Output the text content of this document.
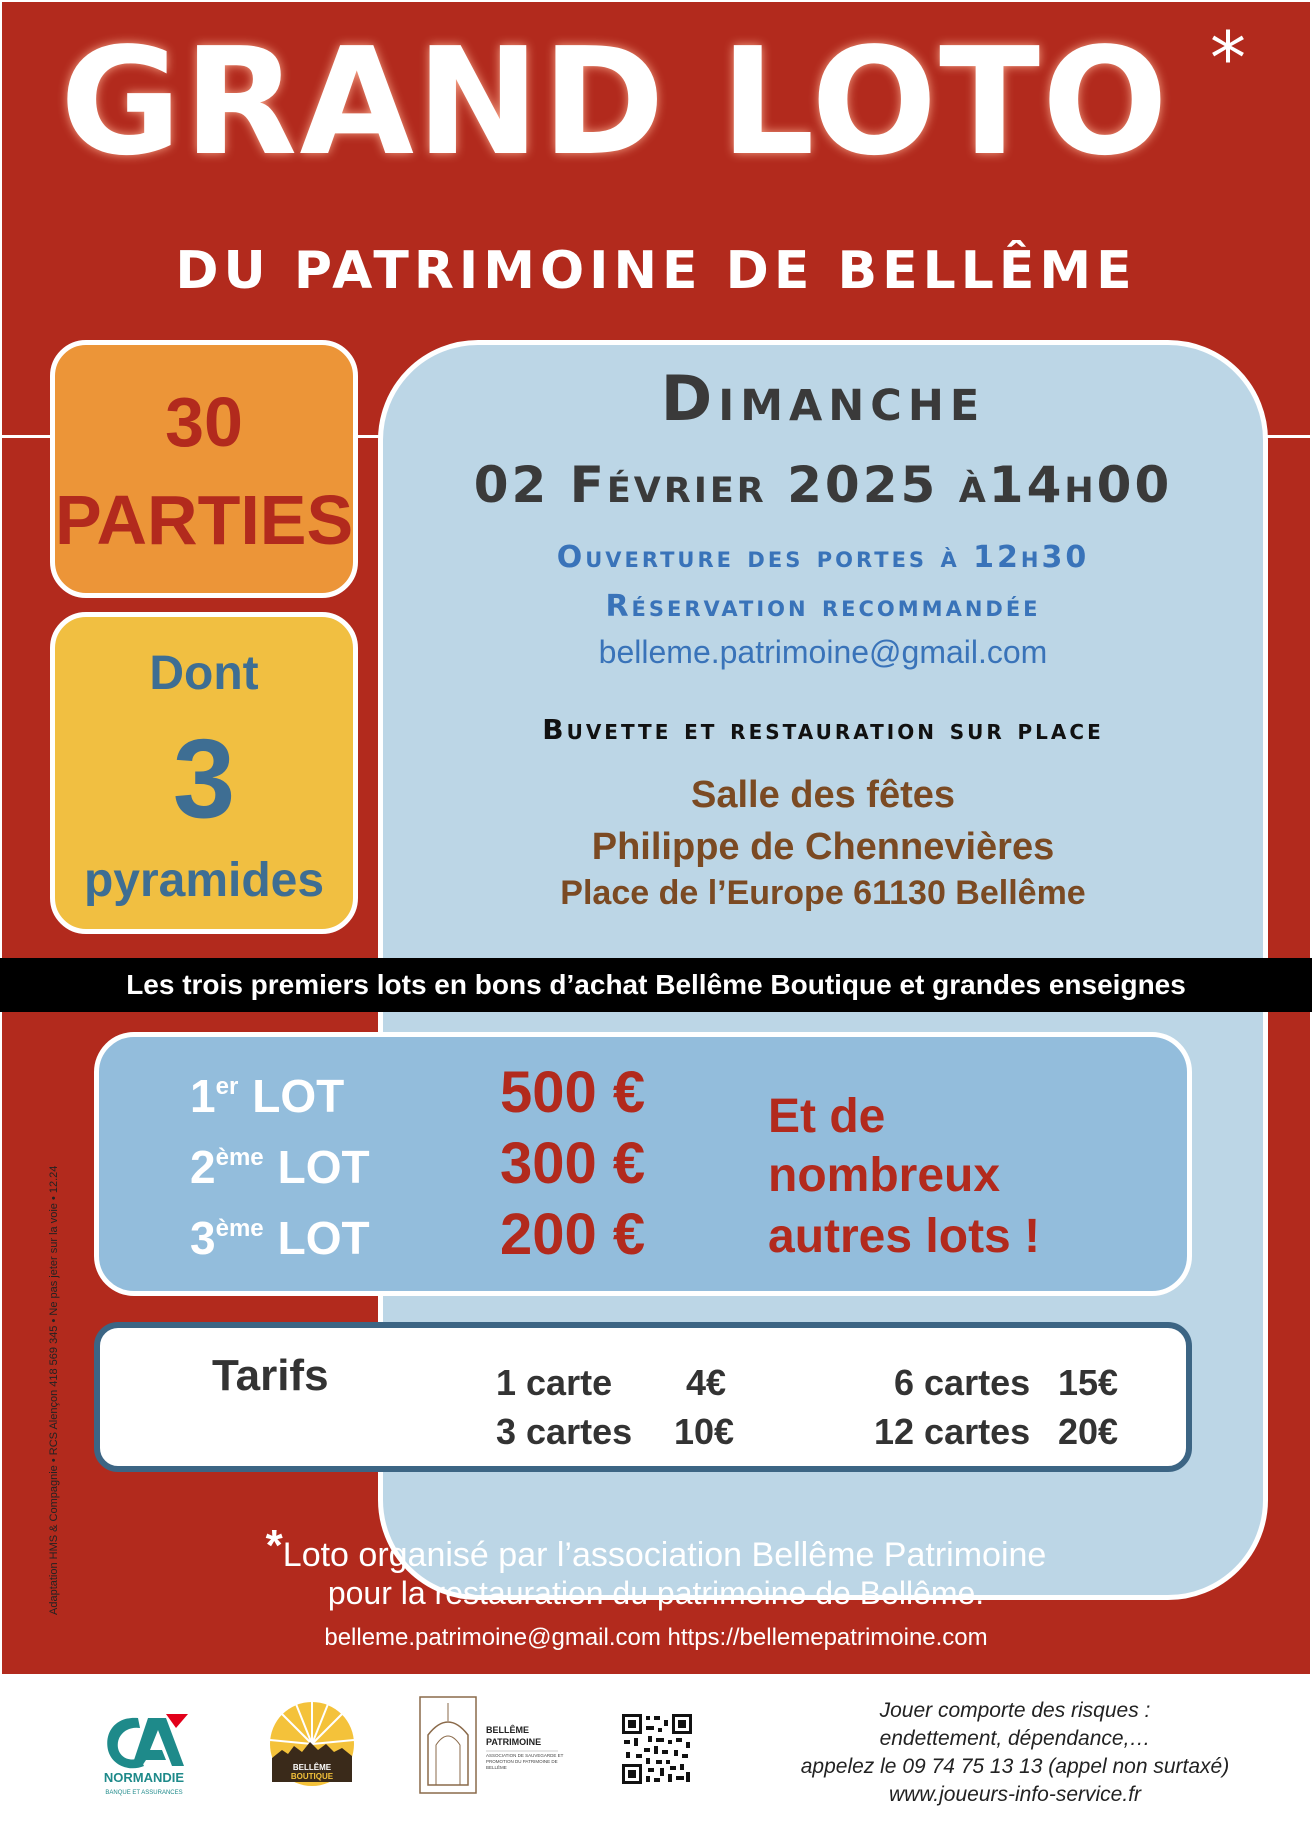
GRAND LOTO *
DU PATRIMOINE DE BELLÊME
30
PARTIES
Dont
3
pyramides
Dimanche
02 Février 2025 à14h00
Ouverture des portes à 12h30
Réservation recommandée
belleme.patrimoine@gmail.com
Buvette et restauration sur place
Salle des fêtes
Philippe de Chennevières
Place de l’Europe 61130 Bellême
Les trois premiers lots en bons d’achat Bellême Boutique et grandes enseignes
1er LOT	500 €
2ème LOT 300 €
3ème LOT 200 €
Et de
nombreux
autres lots !
Tarifs	1 carte 4€
3 cartes 10€
6 cartes 15€
12 cartes 20€
*Loto organisé par l’association Bellême Patrimoine
pour la restauration du patrimoine de Bellême.
belleme.patrimoine@gmail.com https://bellemepatrimoine.com
Adaptation HMS & Compagnie • RCS Alençon 418 569 345 • Ne pas jeter sur la voie • 12.24
NORMANDIE
BANQUE ET ASSURANCES
BELLÊME
BOUTIQUE
BELLÊME
PATRIMOINE
ASSOCIATION DE SAUVEGARDE ET PROMOTION DU PATRIMOINE DE BELLÊME
Jouer comporte des risques :
endettement, dépendance,…
appelez le 09 74 75 13 13 (appel non surtaxé)
www.joueurs-info-service.fr
